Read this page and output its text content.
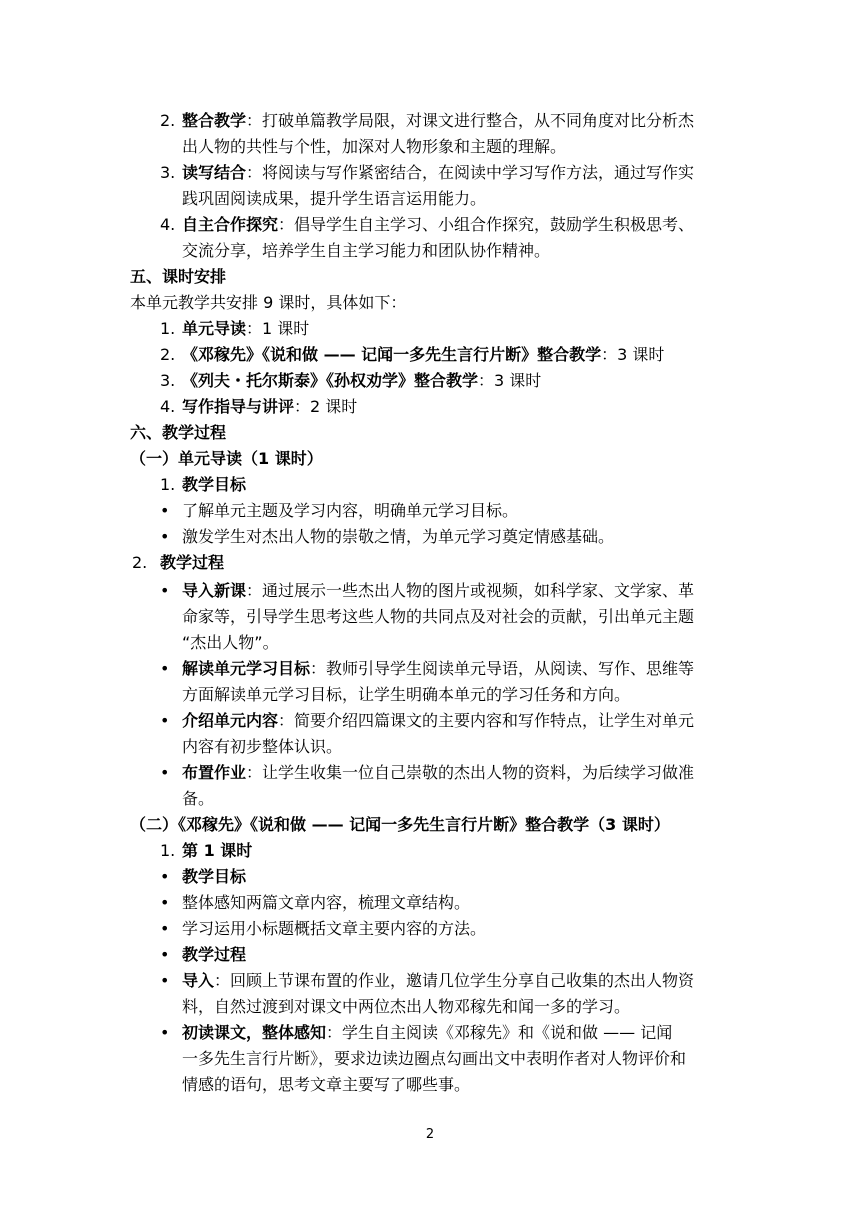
2. 整合教学：打破单篇教学局限，对课文进行整合，从不同角度对比分析杰
出人物的共性与个性，加深对人物形象和主题的理解。
3. 读写结合：将阅读与写作紧密结合，在阅读中学习写作方法，通过写作实
践巩固阅读成果，提升学生语言运用能力。
4. 自主合作探究：倡导学生自主学习、小组合作探究，鼓励学生积极思考、
交流分享，培养学生自主学习能力和团队协作精神。
五、课时安排
本单元教学共安排 9 课时，具体如下：
1. 单元导读：1 课时
2. 《邓稼先》《说和做 —— 记闻一多先生言行片断》整合教学：3 课时
3. 《列夫・托尔斯泰》《孙权劝学》整合教学：3 课时
4. 写作指导与讲评：2 课时
六、教学过程
（一）单元导读（1 课时）
1. 教学目标
• 了解单元主题及学习内容，明确单元学习目标。
• 激发学生对杰出人物的崇敬之情，为单元学习奠定情感基础。
2. 教学过程
• 导入新课：通过展示一些杰出人物的图片或视频，如科学家、文学家、革
命家等，引导学生思考这些人物的共同点及对社会的贡献，引出单元主题
“杰出人物”。
• 解读单元学习目标：教师引导学生阅读单元导语，从阅读、写作、思维等
方面解读单元学习目标，让学生明确本单元的学习任务和方向。
• 介绍单元内容：简要介绍四篇课文的主要内容和写作特点，让学生对单元
内容有初步整体认识。
• 布置作业：让学生收集一位自己崇敬的杰出人物的资料，为后续学习做准
备。
（二）《邓稼先》《说和做 —— 记闻一多先生言行片断》整合教学（3 课时）
1. 第 1 课时
• 教学目标
• 整体感知两篇文章内容，梳理文章结构。
• 学习运用小标题概括文章主要内容的方法。
• 教学过程
• 导入：回顾上节课布置的作业，邀请几位学生分享自己收集的杰出人物资
料，自然过渡到对课文中两位杰出人物邓稼先和闻一多的学习。
• 初读课文，整体感知：学生自主阅读《邓稼先》和《说和做 —— 记闻
一多先生言行片断》，要求边读边圈点勾画出文中表明作者对人物评价和
情感的语句，思考文章主要写了哪些事。
2
